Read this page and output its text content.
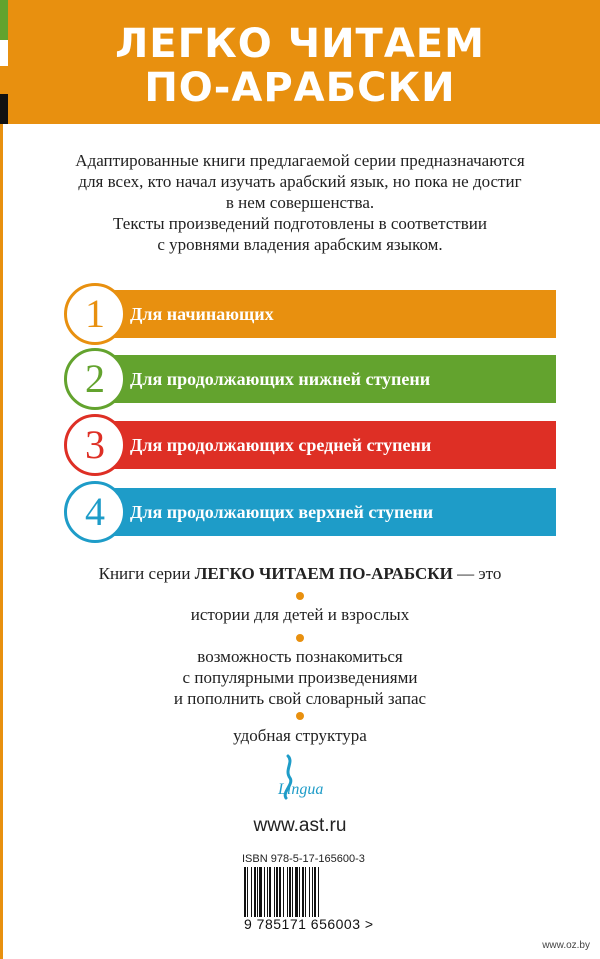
ЛЕГКО ЧИТАЕМ
ПО-АРАБСКИ
Адаптированные книги предлагаемой серии предназначаются
для всех, кто начал изучать арабский язык, но пока не достиг
в нем совершенства.
Тексты произведений подготовлены в соответствии
с уровнями владения арабским языком.
Для начинающих
1
Для продолжающих нижней ступени
2
Для продолжающих средней ступени
3
Для продолжающих верхней ступени
4
Книги серии ЛЕГКО ЧИТАЕМ ПО-АРАБСКИ — это
истории для детей и взрослых
возможность познакомиться
с популярными произведениями
и пополнить свой словарный запас
удобная структура
Lingua
www.ast.ru
ISBN 978-5-17-165600-3
9 785171 656003 >
www.oz.by
